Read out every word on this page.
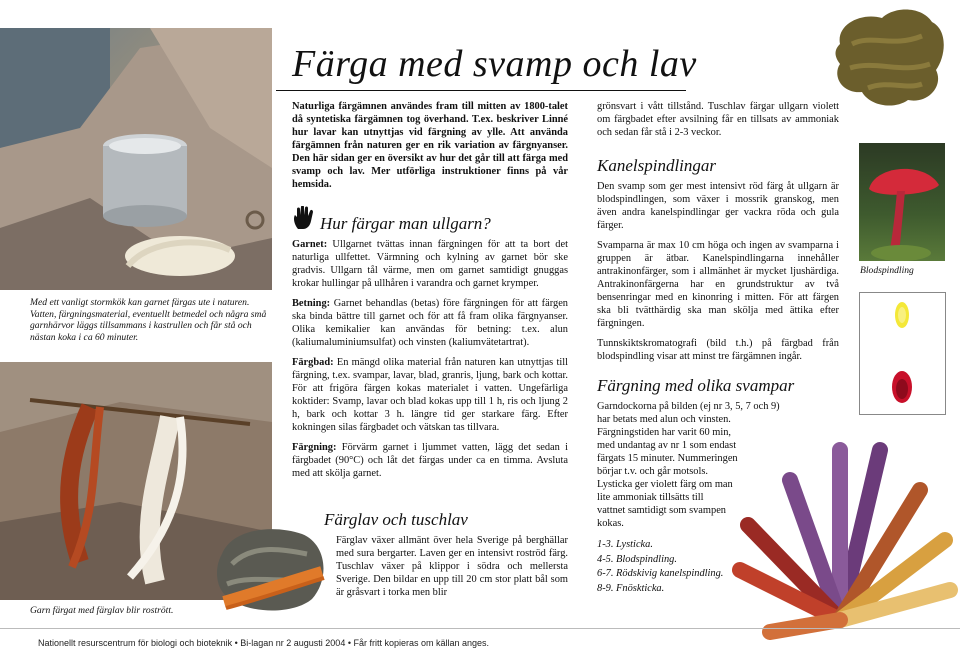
Med ett vanligt stormkök kan garnet färgas ute i naturen. Vatten, färgningsmaterial, eventuellt betmedel och några små garnhärvor läggs tillsammans i kastrullen och får stå och nästan koka i ca 60 minuter.
Garn färgat med färglav blir rostrött.
Färga med svamp och lav
Naturliga färgämnen användes fram till mitten av 1800-talet då syntetiska färgämnen tog överhand. T.ex. beskriver Linné hur lavar kan utnyttjas vid färgning av ylle. Att använda färgämnen från naturen ger en rik variation av färgnyanser. Den här sidan ger en översikt av hur det går till att färga med svamp och lav. Mer utförliga instruktioner finns på vår hemsida.
Hur färgar man ullgarn?

Garnet: Ullgarnet tvättas innan färgningen för att ta bort det naturliga ullfettet. Värmning och kylning av garnet bör ske gradvis. Ullgarn tål värme, men om garnet samtidigt gnuggas krokar hullingar på ullhåren i varandra och garnet krymper.

Betning: Garnet behandlas (betas) före färgningen för att färgen ska binda bättre till garnet och för att få fram olika färgnyanser. Olika kemikalier kan användas för betning: t.ex. alun (kaliumaluminiumsulfat) och vinsten (kaliumvätetartrat).

Färgbad: En mängd olika material från naturen kan utnyttjas till färgning, t.ex. svampar, lavar, blad, granris, ljung, bark och kottar. För att frigöra färgen kokas materialet i vatten. Ungefärliga koktider: Svamp, lavar och blad kokas upp till 1 h, ris och ljung 2 h, bark och kottar 3 h. längre tid ger starkare färg. Efter kokningen silas färgbadet och vätskan tas tillvara.

Färgning: Förvärm garnet i ljummet vatten, lägg det sedan i färgbadet (90°C) och låt det färgas under ca en timma. Avsluta med att skölja garnet.

Färglav och tuschlav
Färglav växer allmänt över hela Sverige på berghällar med sura bergarter. Laven ger en intensivt roströd färg. Tuschlav växer på klippor i södra och mellersta Sverige. Den bildar en upp till 20 cm stor platt bål som är gråsvart i torka men blir
grönsvart i vått tillstånd. Tuschlav färgar ullgarn violett om färgbadet efter avsilning får en tillsats av ammoniak och sedan får stå i 2-3 veckor.
Kanelspindlingar

Den svamp som ger mest intensivt röd färg åt ullgarn är blodspindlingen, som växer i mossrik granskog, men även andra kanelspindlingar ger vackra röda och gula färger.

Svamparna är max 10 cm höga och ingen av svamparna i gruppen är ätbar. Kanelspindlingarna innehåller antrakinonfärger, som i allmänhet är mycket ljushärdiga. Antrakinonfärgerna har en grundstruktur av två bensenringar med en kinonring i mitten. För att färgen ska bli tvätthärdig ska man skölja med ättika efter färgningen.

Tunnskiktskromatografi (bild t.h.) på färgbad från blodspindling visar att minst tre färgämnen ingår.

Färgning med olika svampar
Garndockorna på bilden (ej nr 3, 5, 7 och 9)
har betats med alun och vinsten.
Färgningstiden har varit 60 min,
med undantag av nr 1 som endast
färgats 15 minuter. Nummeringen
börjar t.v. och går motsols.
Lysticka ger violett färg om man
lite ammoniak tillsätts till
vattnet samtidigt som svampen
kokas.
1-3. Lysticka.
4-5. Blodspindling.
6-7. Rödskivig kanelspindling.
8-9. Fnöskticka.
Blodspindling
Nationellt resurscentrum för biologi och bioteknik • Bi-lagan nr 2 augusti 2004 • Får fritt kopieras om källan anges.
